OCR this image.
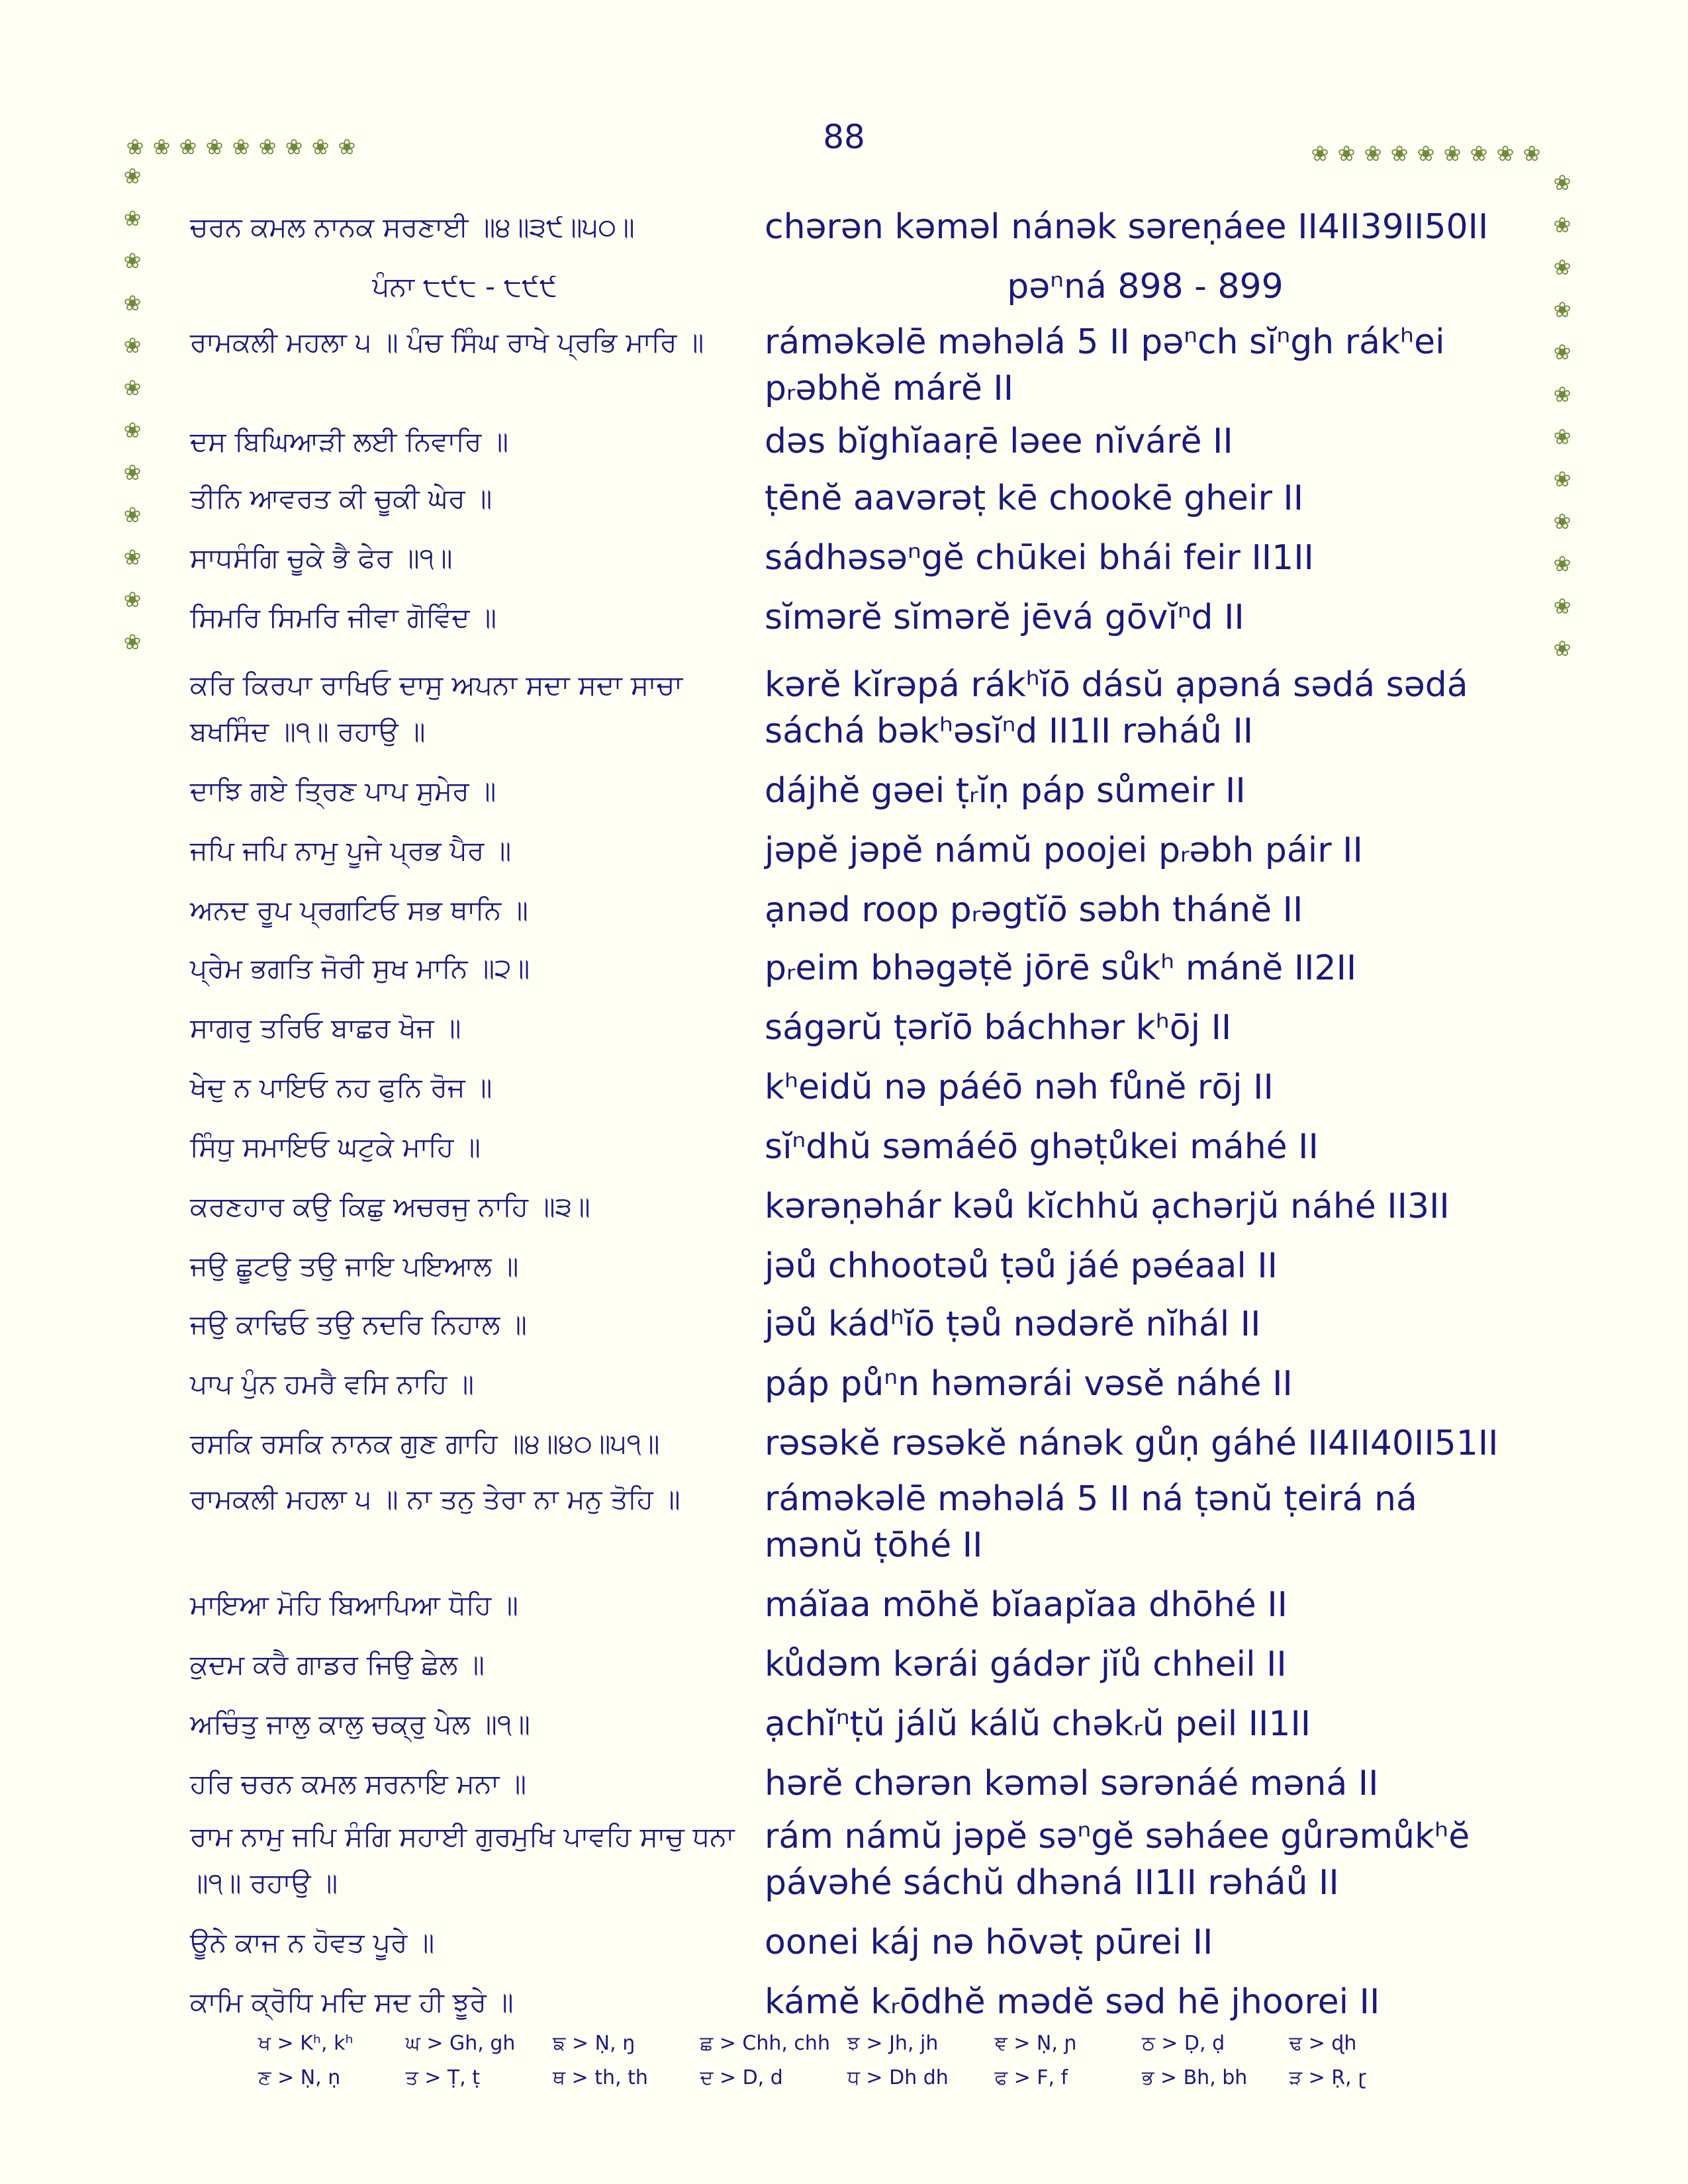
88
❀ ❀ ❀ ❀ ❀ ❀ ❀ ❀ ❀	❀ ❀ ❀ ❀ ❀ ❀ ❀ ❀ ❀
❀
❀
❀
❀
❀
❀
❀
❀
❀
❀
❀
❀
❀
❀
❀
❀
❀
❀
❀
❀
❀
❀
❀
❀
ਚਰਨ ਕਮਲ ਨਾਨਕ ਸਰਣਾਈ ॥੪॥੩੯॥੫੦॥	chərən kəməl nánək səreṇáee II4II39II50II
ਪੰਨਾ ੮੯੮ - ੮੯੯	pəⁿná 898 - 899
ਰਾਮਕਲੀ ਮਹਲਾ ੫ ॥ ਪੰਚ ਸਿੰਘ ਰਾਖੇ ਪ੍ਰਭਿ ਮਾਰਿ ॥	rámәkəlē məhəlá 5 II pəⁿch sĭⁿgh rákʰei pᵣəbhĕ márĕ II
ਦਸ ਬਿਘਿਆੜੀ ਲਈ ਨਿਵਾਰਿ ॥	dəs bĭghĭaaṛē ləee nĭvárĕ II
ਤੀਨਿ ਆਵਰਤ ਕੀ ਚੂਕੀ ਘੇਰ ॥	ṭēnĕ aavərəṭ kē chookē gheir II
ਸਾਧਸੰਗਿ ਚੂਕੇ ਭੈ ਫੇਰ ॥੧॥	sádhəsəⁿgĕ chūkei bhái feir II1II
ਸਿਮਰਿ ਸਿਮਰਿ ਜੀਵਾ ਗੋਵਿੰਦ ॥	sĭmərĕ sĭmərĕ jēvá gōvĭⁿd II
ਕਰਿ ਕਿਰਪਾ ਰਾਖਿਓ ਦਾਸੁ ਅਪਨਾ ਸਦਾ ਸਦਾ ਸਾਚਾ ਬਖਸਿੰਦ ॥੧॥ ਰਹਾਉ ॥
kərĕ kĭrəpá rákʰĭō dásŭ ạpəná sədá sədá sáchá bəkʰəsĭⁿd II1II rəháů II
ਦਾਝਿ ਗਏ ਤ੍ਰਿਣ ਪਾਪ ਸੁਮੇਰ ॥	dájhĕ gəei ṭᵣĭṇ páp sůmeir II
ਜਪਿ ਜਪਿ ਨਾਮੁ ਪੂਜੇ ਪ੍ਰਭ ਪੈਰ ॥	jəpĕ jəpĕ námŭ poojei pᵣəbh páir II
ਅਨਦ ਰੂਪ ਪ੍ਰਗਟਿਓ ਸਭ ਥਾਨਿ ॥	ạnəd roop pᵣəgtĭō səbh thánĕ II
ਪ੍ਰੇਮ ਭਗਤਿ ਜੋਰੀ ਸੁਖ ਮਾਨਿ ॥੨॥	pᵣeim bhəgəṭĕ jōrē sůkʰ mánĕ II2II
ਸਾਗਰੁ ਤਰਿਓ ਬਾਛਰ ਖੋਜ ॥	ságərŭ ṭərĭō báchhər kʰōj II
ਖੇਦੁ ਨ ਪਾਇਓ ਨਹ ਫੁਨਿ ਰੋਜ ॥	kʰeidŭ nə páéō nəh fůnĕ rōj II
ਸਿੰਧੁ ਸਮਾਇਓ ਘਟੁਕੇ ਮਾਹਿ ॥	sĭⁿdhŭ səmáéō ghəṭůkei máhé II
ਕਰਣਹਾਰ ਕਉ ਕਿਛੁ ਅਚਰਜੁ ਨਾਹਿ ॥੩॥	kərəṇəhár kəů kĭchhŭ ạchərjŭ náhé II3II
ਜਉ ਛੂਟਉ ਤਉ ਜਾਇ ਪਇਆਲ ॥	jəů chhootəů ṭəů jáé pəéaal II
ਜਉ ਕਾਢਿਓ ਤਉ ਨਦਰਿ ਨਿਹਾਲ ॥	jəů kádʰĭō ṭəů nədərĕ nĭhál II
ਪਾਪ ਪੁੰਨ ਹਮਰੈ ਵਸਿ ਨਾਹਿ ॥	páp půⁿn həmərái vəsĕ náhé II
ਰਸਕਿ ਰਸਕਿ ਨਾਨਕ ਗੁਣ ਗਾਹਿ ॥੪॥੪੦॥੫੧॥	rəsəkĕ rəsəkĕ nánək gůṇ gáhé II4II40II51II
ਰਾਮਕਲੀ ਮਹਲਾ ੫ ॥ ਨਾ ਤਨੁ ਤੇਰਾ ਨਾ ਮਨੁ ਤੋਹਿ ॥	rámәkəlē məhəlá 5 II ná ṭənŭ ṭeirá ná mənŭ ṭōhé II
ਮਾਇਆ ਮੋਹਿ ਬਿਆਪਿਆ ਧੋਹਿ ॥	máĭaa mōhĕ bĭaapĭaa dhōhé II
ਕੁਦਮ ਕਰੈ ਗਾਡਰ ਜਿਉ ਛੇਲ ॥	kůdəm kərái gádər jĭů chheil II
ਅਚਿੰਤੁ ਜਾਲੁ ਕਾਲੁ ਚਕ੍ਰੁ ਪੇਲ ॥੧॥	ạchĭⁿṭŭ jálŭ kálŭ chəkᵣŭ peil II1II
ਹਰਿ ਚਰਨ ਕਮਲ ਸਰਨਾਇ ਮਨਾ ॥	hərĕ chərən kəməl sərənáé məná II
ਰਾਮ ਨਾਮੁ ਜਪਿ ਸੰਗਿ ਸਹਾਈ ਗੁਰਮੁਖਿ ਪਾਵਹਿ ਸਾਚੁ ਧਨਾ ॥੧॥ ਰਹਾਉ ॥
rám námŭ jəpĕ səⁿgĕ səháee gůrəmůkʰĕ pávəhé sáchŭ dhəná II1II rəháů II
ਊਨੇ ਕਾਜ ਨ ਹੋਵਤ ਪੂਰੇ ॥	oonei káj nə hōvəṭ pūrei II
ਕਾਮਿ ਕ੍ਰੋਧਿ ਮਦਿ ਸਦ ਹੀ ਝੂਰੇ ॥	kámĕ kᵣōdhĕ mədĕ səd hē jhoorei II
ਖ > Kʰ, kʰ	ਘ > Gh, gh	ਙ > Ṇ, ŋ	ਛ > Chh, chh ਝ > Jh, jh	ਞ > Ṇ, ɲ	ਠ > Ḍ, ḍ	ਢ > ɖh
ਣ > Ṇ, ṇ	ਤ > Ṭ, ṭ	ਥ > th, th	ਦ > D, d	ਧ > Dh dh	ਫ > F, f	ਭ > Bh, bh	ੜ > Ṛ, ɽ
